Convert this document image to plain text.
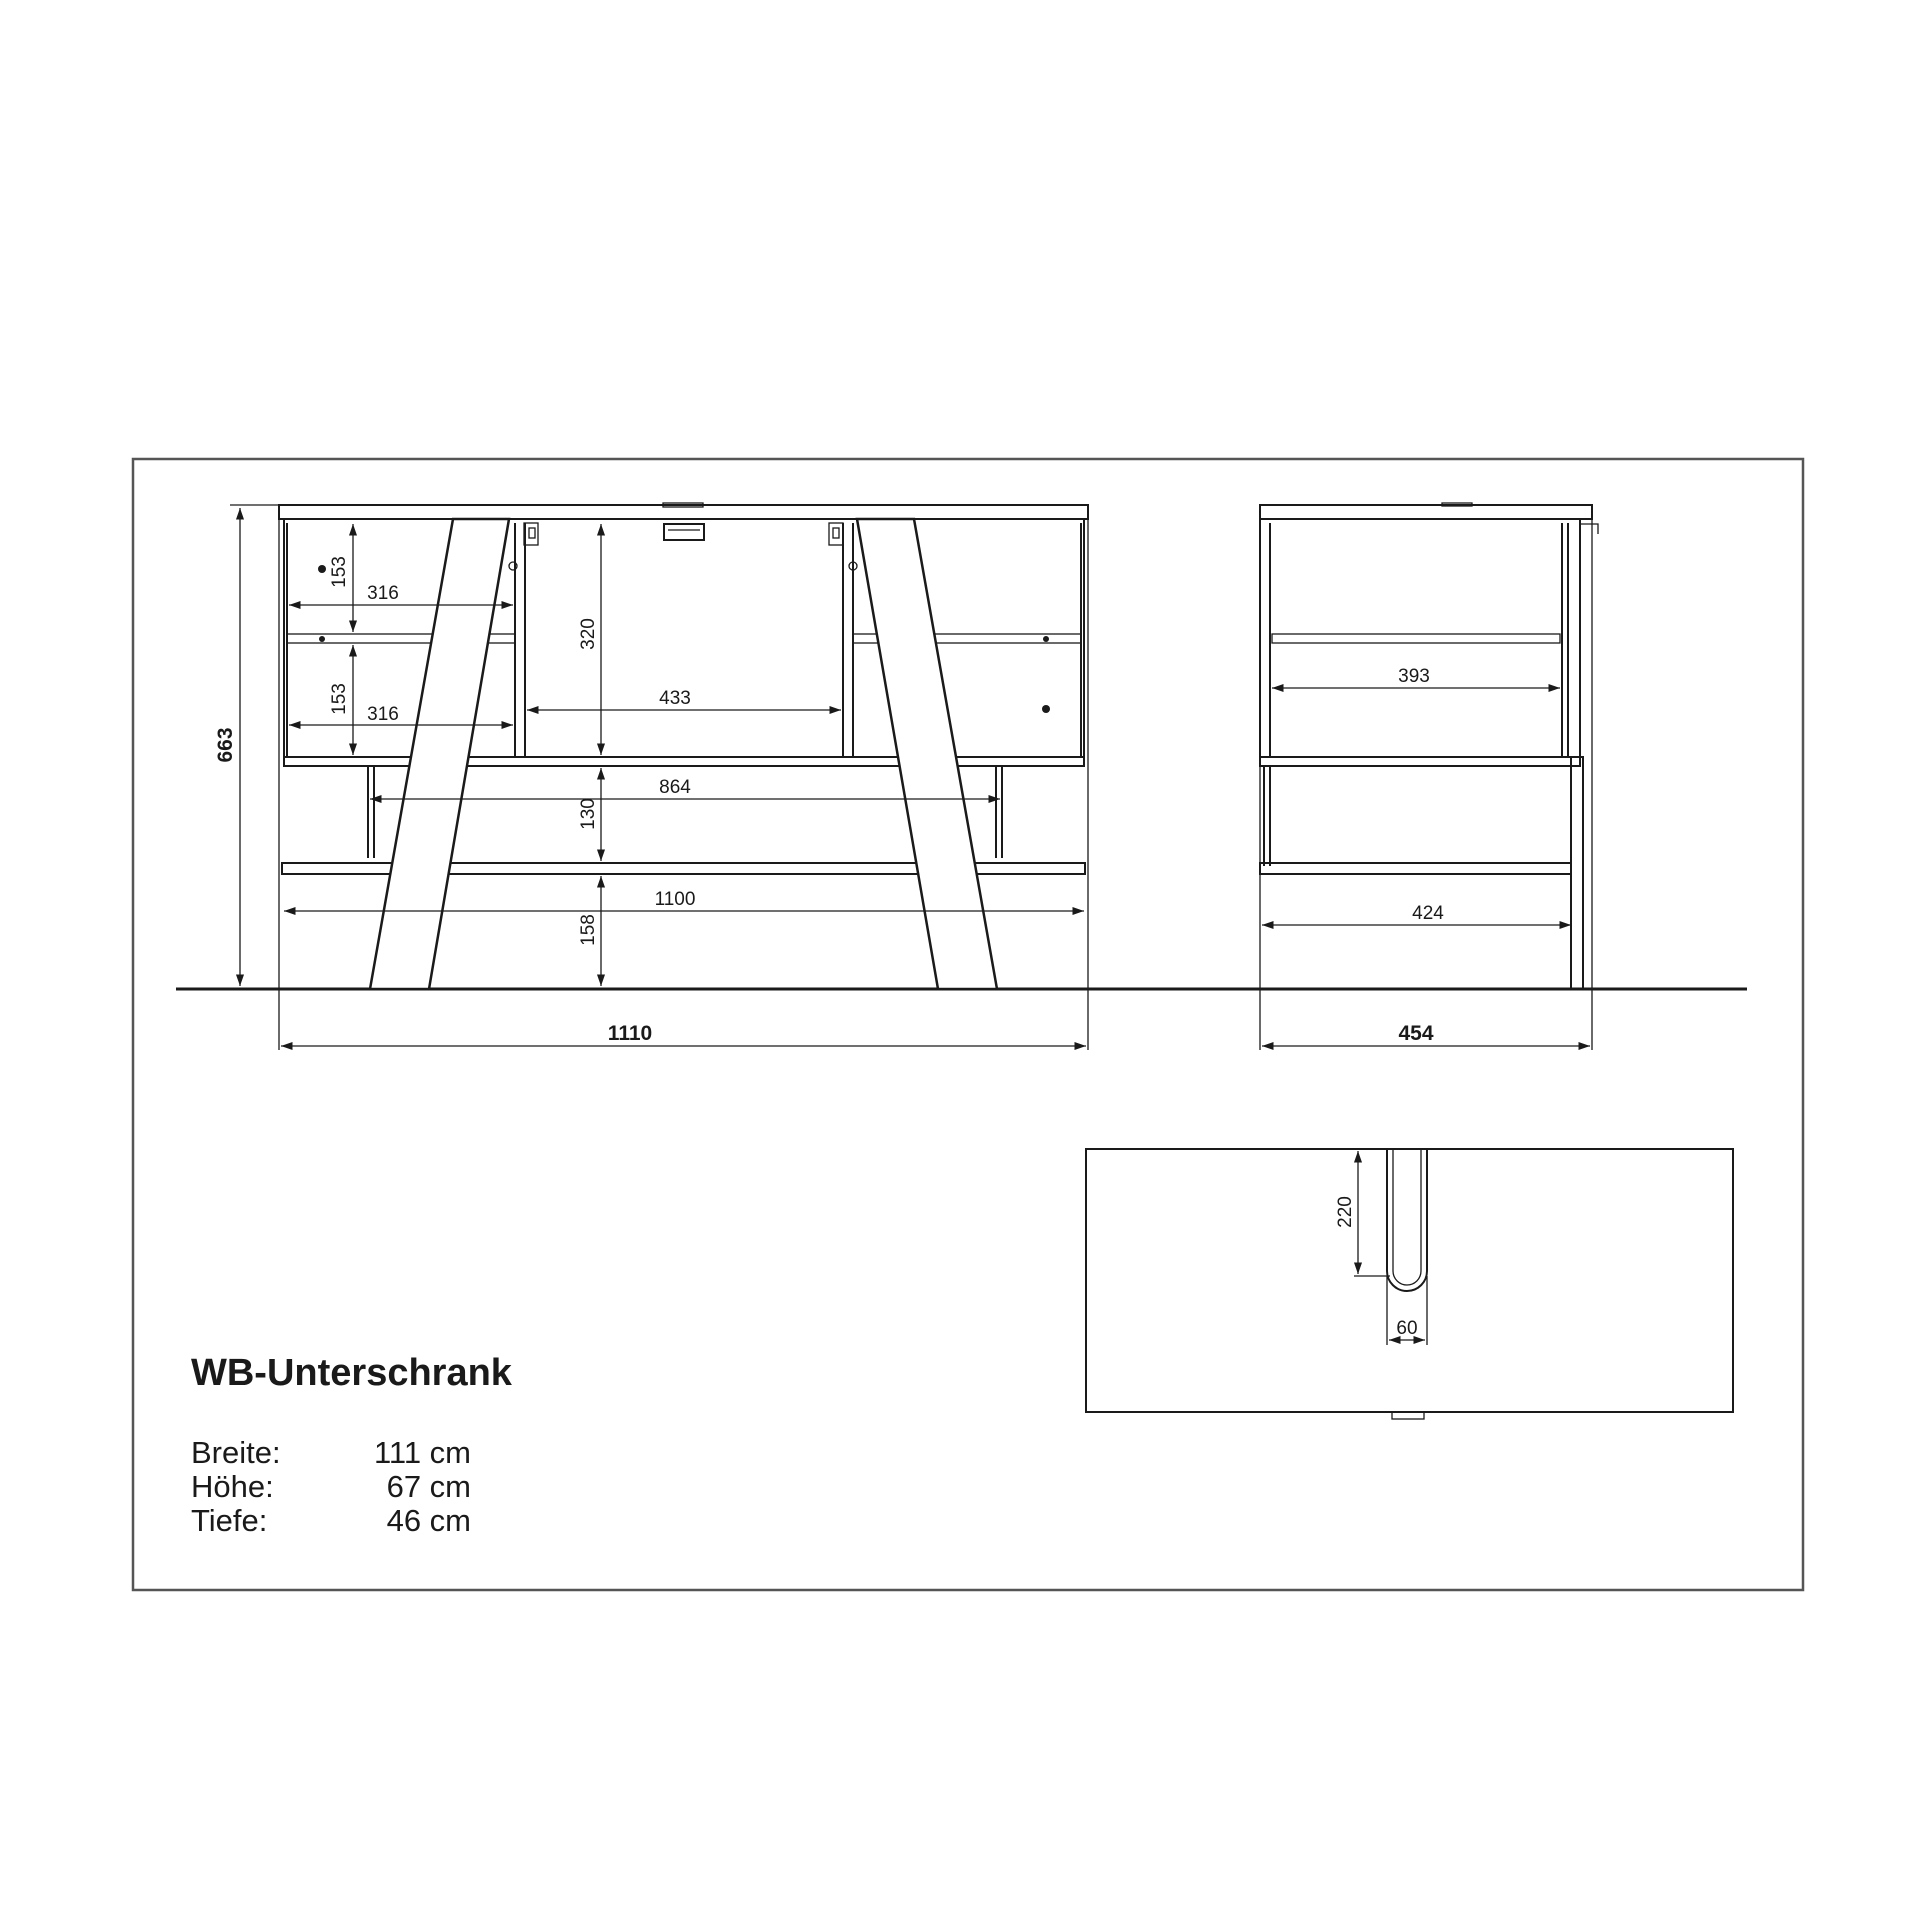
663
153
316
153 316
320
433
864
130
1100
158
1110
393
424
454
220
60
WB-Unterschrank
Breite:	111 cm
Höhe:	67 cm
Tiefe:	46 cm
